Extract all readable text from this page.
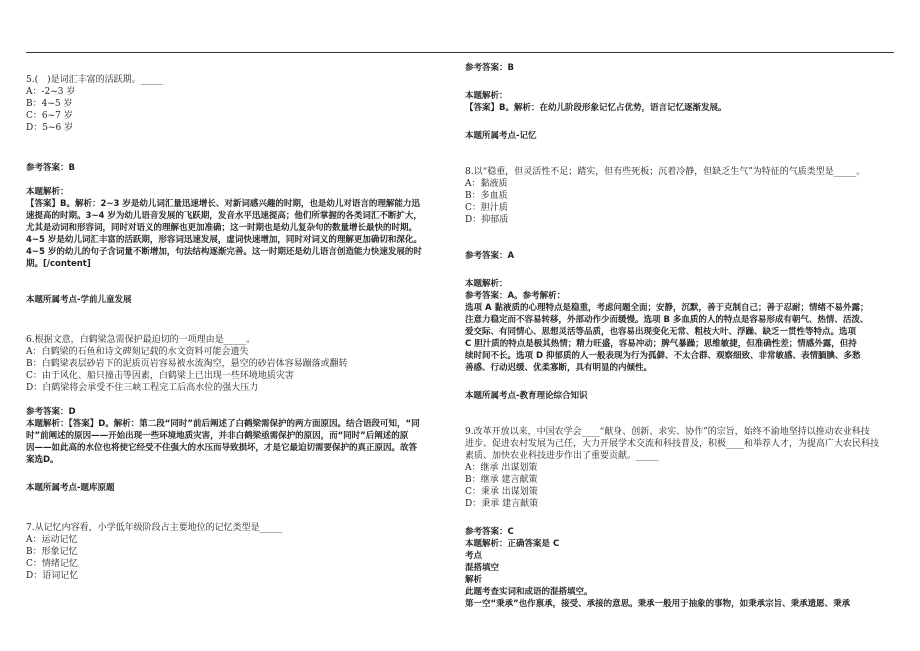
5.(　)是词汇丰富的活跃期。_____
A：-2~3 岁
B：4~5 岁
C：6~7 岁
D：5~6 岁
参考答案：B
本题解析：
【答案】B。解析：2~3 岁是幼儿词汇量迅速增长、对新词感兴趣的时期，也是幼儿对语言的理解能力迅
速提高的时期。3~4 岁为幼儿语音发展的飞跃期，发音水平迅速提高；他们所掌握的各类词汇不断扩大，
尤其是动词和形容词，同时对语义的理解也更加准确；这一时期也是幼儿复杂句的数量增长最快的时期。
4~5 岁是幼儿词汇丰富的活跃期，形容词迅速发展，虚词快速增加，同时对词义的理解更加确切和深化。
4~5 岁的幼儿的句子含词量不断增加，句法结构逐渐完善。这一时期还是幼儿语言创造能力快速发展的时
期。[/content]
本题所属考点-学前儿童发展
6.根据文意，白鹤梁急需保护最迫切的一项理由是_____。
A：白鹤梁的石鱼和诗文碑刻记载的水文资料可能会遗失
B：白鹤梁表层砂岩下的泥质页岩容易被水流淘空，悬空的砂岩体容易蹦落或翻转
C：由于风化、船只撞击等因素，白鹤梁上已出现一些环境地质灾害
D：白鹤梁将会承受不住三峡工程完工后高水位的强大压力
参考答案：D
本题解析：【答案】D。解析：第二段“同时”前后阐述了白鹤梁需保护的两方面原因。结合语段可知，“同
时”前阐述的原因——开始出现一些环境地质灾害，并非白鹤梁亟需保护的原因，而“同时”后阐述的原
因——如此高的水位也将使它经受不住强大的水压而导致损坏，才是它最迫切需要保护的真正原因。故答
案选D。
本题所属考点-题库原题
7.从记忆内容看，小学低年级阶段占主要地位的记忆类型是_____
A：运动记忆
B：形象记忆
C：情绪记忆
D：语词记忆
参考答案：B
本题解析：
【答案】B。解析：在幼儿阶段形象记忆占优势，语言记忆逐渐发展。
本题所属考点-记忆
8.以“稳重，但灵活性不足；踏实，但有些死板；沉着冷静，但缺乏生气”为特征的气质类型是_____。
A：黏液质
B：多血质
C：胆汁质
D：抑郁质
参考答案：A
本题解析：
参考答案：A。参考解析：
选项 A 黏液质的心理特点是稳重，考虑问题全面；安静，沉默，善于克制自己；善于忍耐；情绪不易外露；
注意力稳定而不容易转移，外部动作少而缓慢。选项 B 多血质的人的特点是容易形成有朝气、热情、活泼、
爱交际、有同情心、思想灵活等品质，也容易出现变化无常、粗枝大叶、浮躁、缺乏一贯性等特点。选项
C 胆汁质的特点是极其热情；精力旺盛，容易冲动；脾气暴躁；思维敏捷，但准确性差；情感外露，但持
续时间不长。选项 D 抑郁质的人一般表现为行为孤僻、不太合群、观察细致、非常敏感、表情腼腆、多愁
善感、行动迟缓、优柔寡断，具有明显的内倾性。
本题所属考点-教育理论综合知识
9.改革开放以来，中国农学会____“献身、创新、求实、协作”的宗旨，始终不渝地坚持以推动农业科技
进步、促进农村发展为己任，大力开展学术交流和科技普及，积极____和举荐人才，为提高广大农民科技
素质、加快农业科技进步作出了重要贡献。_____
A：继承 出谋划策
B：继承 建言献策
C：秉承 出谋划策
D：秉承 建言献策
参考答案：C
本题解析：正确答案是 C
考点
混搭填空
解析
此题考查实词和成语的混搭填空。
第一空“秉承”也作禀承，接受、承接的意思。秉承一般用于抽象的事物，如秉承宗旨、秉承遗愿、秉承
